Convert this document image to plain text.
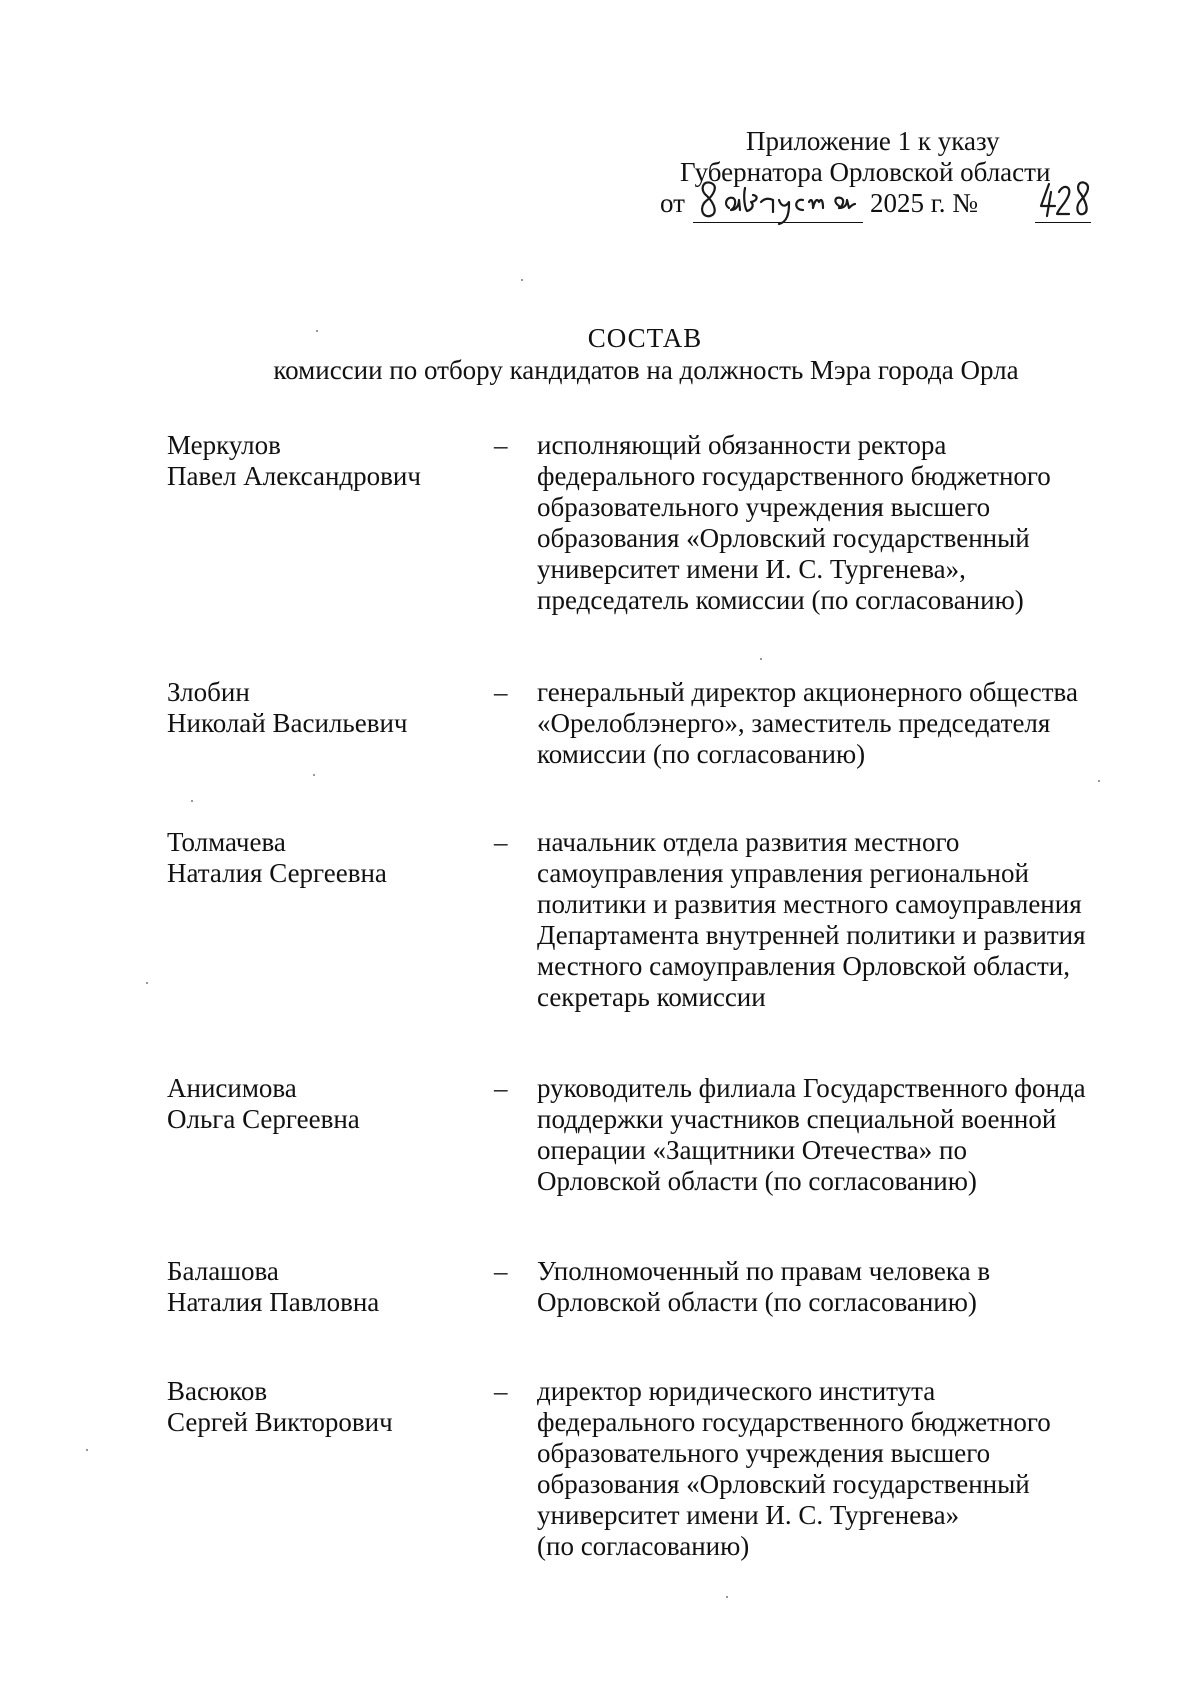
Приложение 1 к указу
Губернатора Орловской области
от	2025 г. №
СОСТАВ
комиссии по отбору кандидатов на должность Мэра города Орла
Меркулов
Павел Александрович
– исполняющий обязанности ректора
федерального государственного бюджетного
образовательного учреждения высшего
образования «Орловский государственный
университет имени И. С. Тургенева»,
председатель комиссии (по согласованию)
Злобин
Николай Васильевич
– генеральный директор акционерного общества
«Орелоблэнерго», заместитель председателя
комиссии (по согласованию)
Толмачева
Наталия Сергеевна
– начальник отдела развития местного
самоуправления управления региональной
политики и развития местного самоуправления
Департамента внутренней политики и развития
местного самоуправления Орловской области,
секретарь комиссии
Анисимова
Ольга Сергеевна
– руководитель филиала Государственного фонда
поддержки участников специальной военной
операции «Защитники Отечества» по
Орловской области (по согласованию)
Балашова
Наталия Павловна
– Уполномоченный по правам человека в
Орловской области (по согласованию)
Васюков
Сергей Викторович
– директор юридического института
федерального государственного бюджетного
образовательного учреждения высшего
образования «Орловский государственный
университет имени И. С. Тургенева»
(по согласованию)
